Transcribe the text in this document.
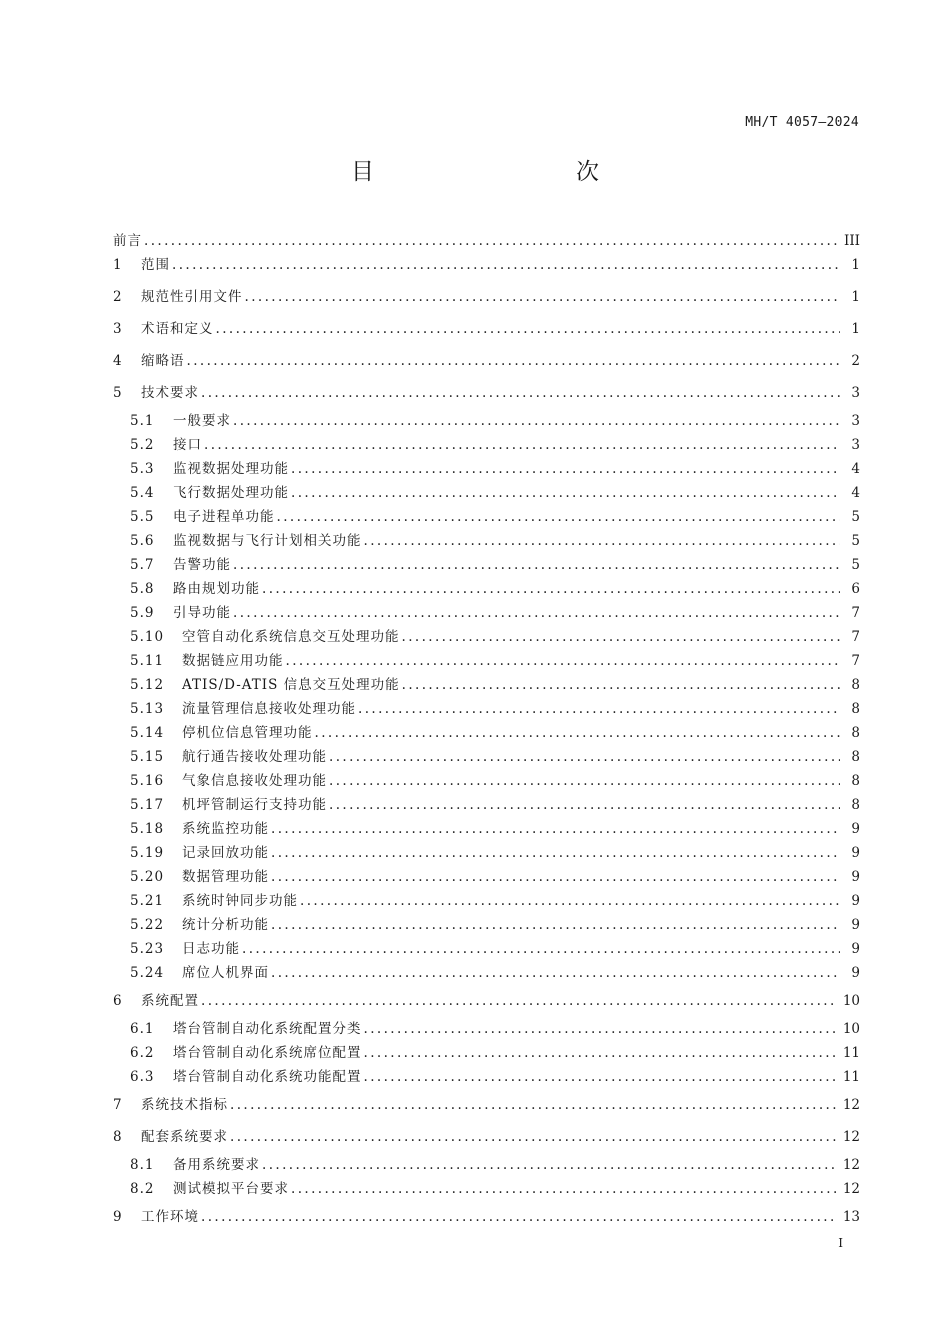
MH/T 4057—2024
目　　次
前言 .....	III
1	范围 .....	1
2	规范性引用文件 .....	1
3	术语和定义 .....	1
4	缩略语 .....	2
5	技术要求 .....	3
5.1	一般要求 .....	3
5.2	接口 .....	3
5.3	监视数据处理功能 .....	4
5.4	飞行数据处理功能 .....	4
5.5	电子进程单功能 .....	5
5.6	监视数据与飞行计划相关功能 .....	5
5.7	告警功能 .....	5
5.8	路由规划功能 .....	6
5.9	引导功能 .....	7
5.10	空管自动化系统信息交互处理功能 .....	7
5.11	数据链应用功能 .....	7
5.12	ATIS/D-ATIS 信息交互处理功能 .....	8
5.13	流量管理信息接收处理功能 .....	8
5.14	停机位信息管理功能 .....	8
5.15	航行通告接收处理功能 .....	8
5.16	气象信息接收处理功能 .....	8
5.17	机坪管制运行支持功能 .....	8
5.18	系统监控功能 .....	9
5.19	记录回放功能 .....	9
5.20	数据管理功能 .....	9
5.21	系统时钟同步功能 .....	9
5.22	统计分析功能 .....	9
5.23	日志功能 .....	9
5.24	席位人机界面 .....	9
6	系统配置 .....	10
6.1	塔台管制自动化系统配置分类 .....	10
6.2	塔台管制自动化系统席位配置 .....	11
6.3	塔台管制自动化系统功能配置 .....	11
7	系统技术指标 .....	12
8	配套系统要求 .....	12
8.1	备用系统要求 .....	12
8.2	测试模拟平台要求 .....	12
9	工作环境 .....	13
I
